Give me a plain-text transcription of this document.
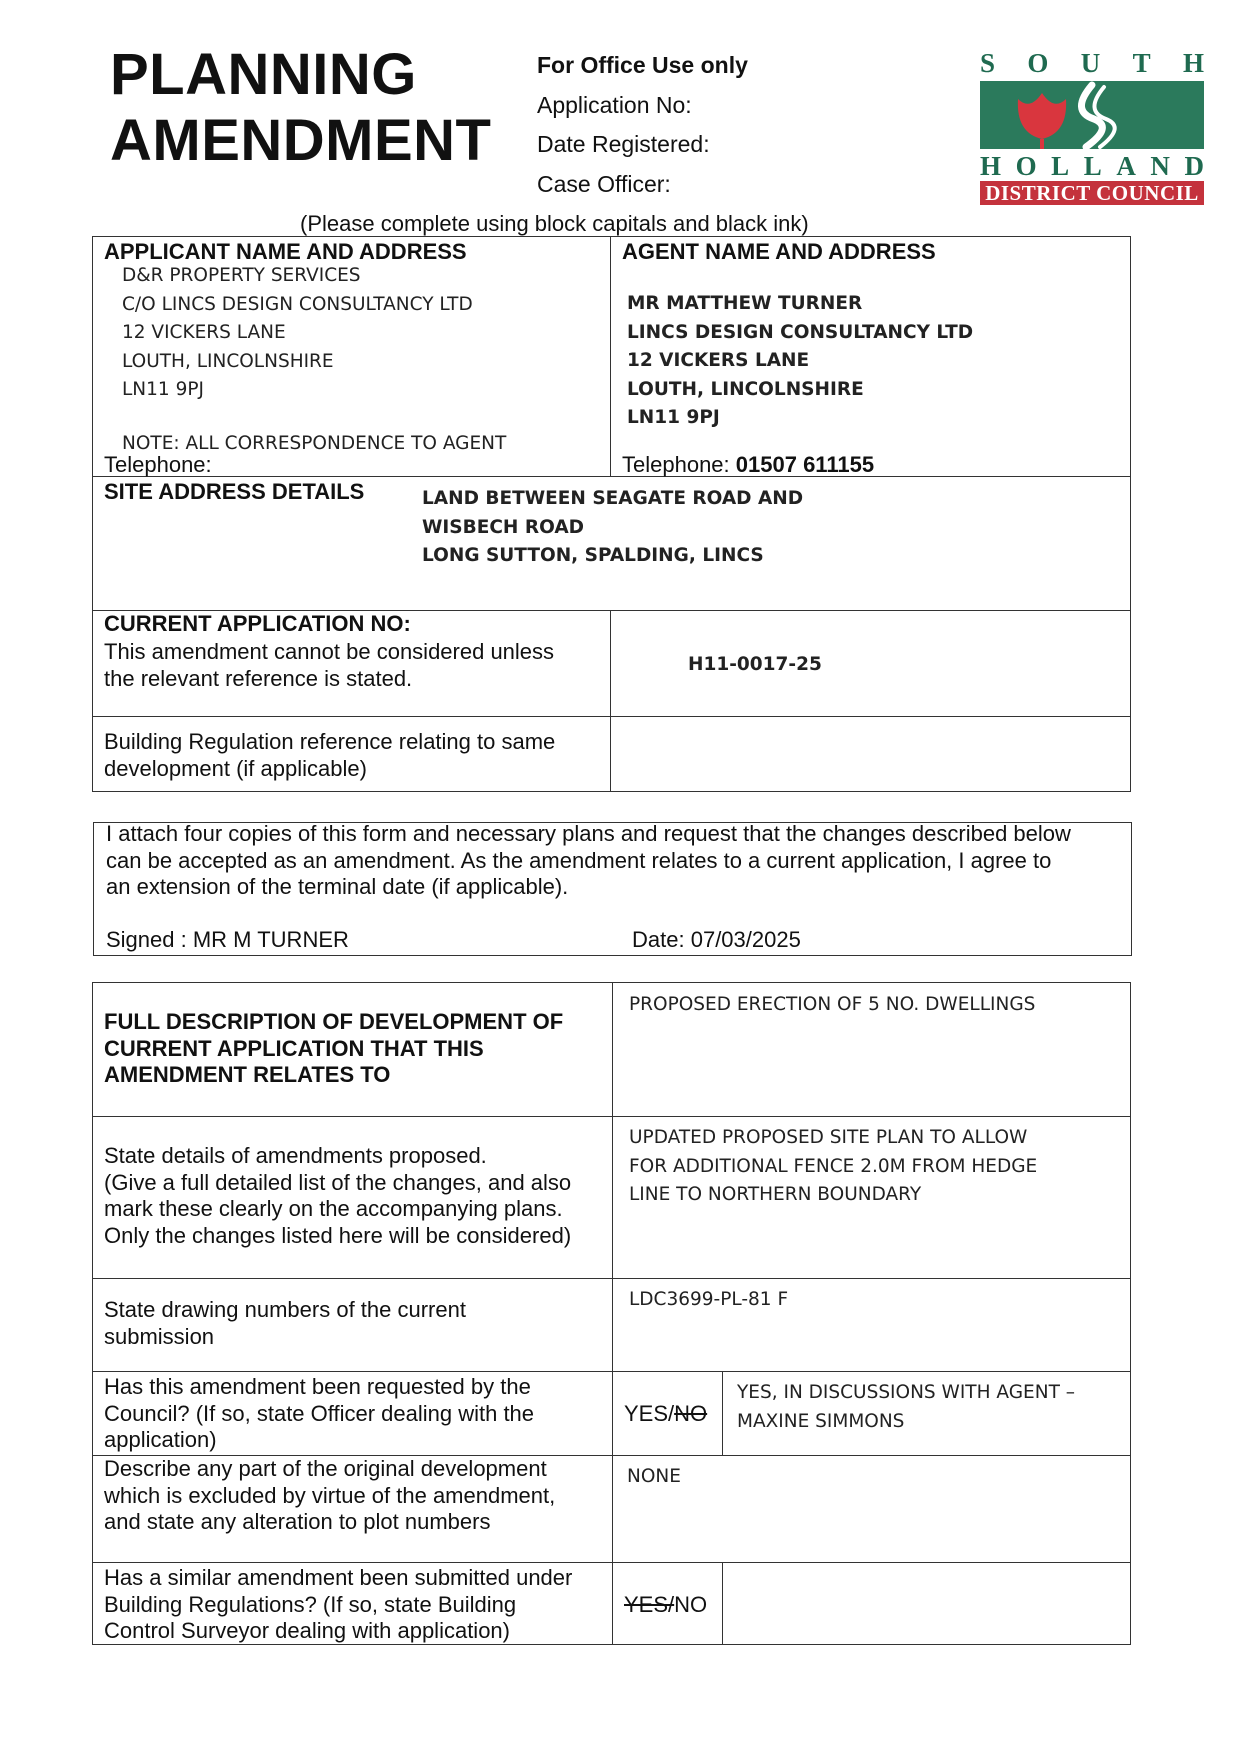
PLANNING
AMENDMENT
For Office Use only
Application No:
Date Registered:
Case Officer:
S O U T H
H O L L A N D
DISTRICT COUNCIL
(Please complete using block capitals and black ink)
APPLICANT NAME AND ADDRESS
D&R PROPERTY SERVICES
C/O LINCS DESIGN CONSULTANCY LTD
12 VICKERS LANE
LOUTH, LINCOLNSHIRE
LN11 9PJ
NOTE: ALL CORRESPONDENCE TO AGENT
Telephone:
AGENT NAME AND ADDRESS
MR MATTHEW TURNER
LINCS DESIGN CONSULTANCY LTD
12 VICKERS LANE
LOUTH, LINCOLNSHIRE
LN11 9PJ
Telephone: 01507 611155
SITE ADDRESS DETAILS	LAND BETWEEN SEAGATE ROAD AND
WISBECH ROAD
LONG SUTTON, SPALDING, LINCS
CURRENT APPLICATION NO:
This amendment cannot be considered unless
the relevant reference is stated.
H11-0017-25
Building Regulation reference relating to same
development (if applicable)
I attach four copies of this form and necessary plans and request that the changes described below
can be accepted as an amendment. As the amendment relates to a current application, I agree to
an extension of the terminal date (if applicable).
Signed : MR M TURNER	Date: 07/03/2025
FULL DESCRIPTION OF DEVELOPMENT OF
CURRENT APPLICATION THAT THIS
AMENDMENT RELATES TO
PROPOSED ERECTION OF 5 NO. DWELLINGS
State details of amendments proposed.
(Give a full detailed list of the changes, and also
mark these clearly on the accompanying plans.
Only the changes listed here will be considered)
UPDATED PROPOSED SITE PLAN TO ALLOW
FOR ADDITIONAL FENCE 2.0M FROM HEDGE
LINE TO NORTHERN BOUNDARY
State drawing numbers of the current
submission
LDC3699-PL-81 F
Has this amendment been requested by the
Council? (If so, state Officer dealing with the
application)
YES/NO
YES, IN DISCUSSIONS WITH AGENT –
MAXINE SIMMONS
Describe any part of the original development
which is excluded by virtue of the amendment,
and state any alteration to plot numbers
NONE
Has a similar amendment been submitted under
Building Regulations? (If so, state Building
Control Surveyor dealing with application)
YES/NO
